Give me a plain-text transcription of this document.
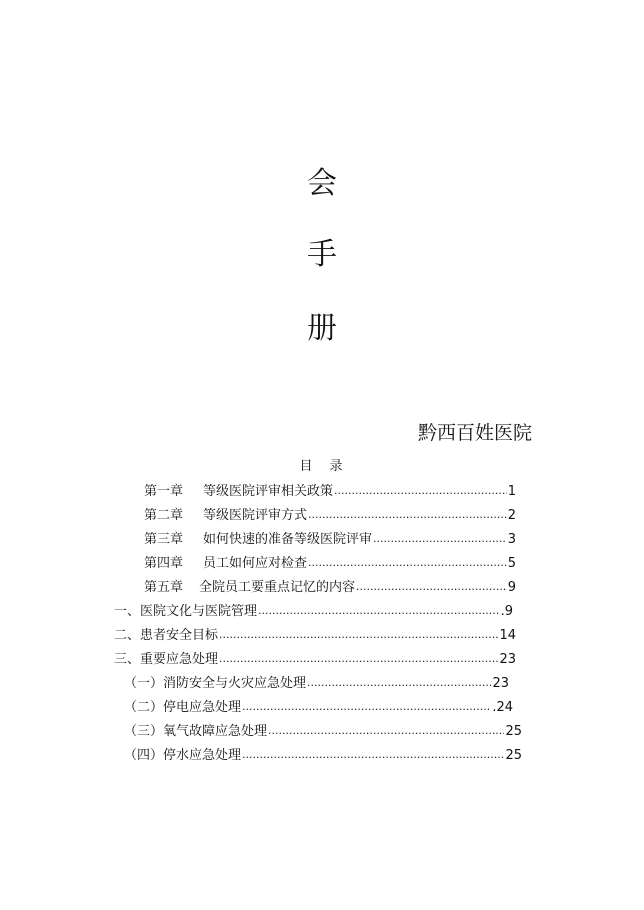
会
手
册
黔西百姓医院
目　录
第一章 等级医院评审相关政策 ·····	1
第二章 等级医院评审方式 ·····	2
第三章 如何快速的准备等级医院评审 ·····	3
第四章 员工如何应对检查 ·····	5
第五章 全院员工要重点记忆的内容 ·····	9
一、 医院文化与医院管理 ·····	.9
二、 患者安全目标 ·····	14
三、 重要应急处理 ·····	23
（一） 消防安全与火灾应急处理 ·····	23
（二） 停电应急处理 ·····	.24
（三） 氧气故障应急处理 ·····	25
（四） 停水应急处理 ·····	25
